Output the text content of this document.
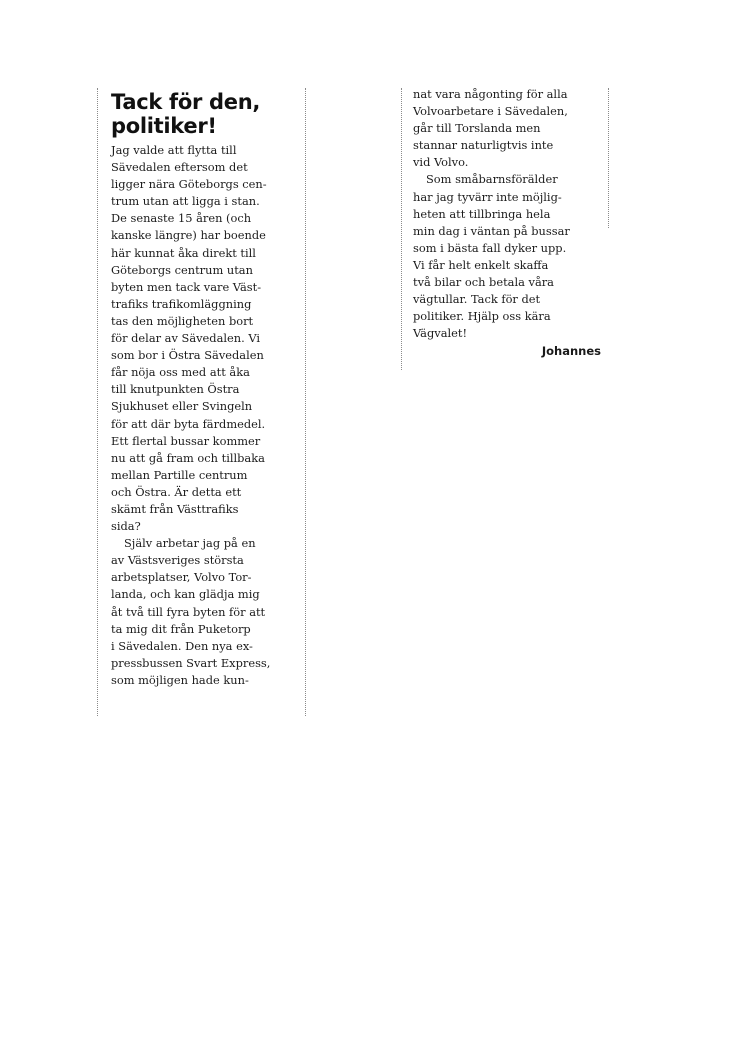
Tack för den,
politiker!
Jag valde att flytta till
Sävedalen eftersom det
ligger nära Göteborgs cen-
trum utan att ligga i stan.
De senaste 15 åren (och
kanske längre) har boende
här kunnat åka direkt till
Göteborgs centrum utan
byten men tack vare Väst-
trafiks trafikomläggning
tas den möjligheten bort
för delar av Sävedalen. Vi
som bor i Östra Sävedalen
får nöja oss med att åka
till knutpunkten Östra
Sjukhuset eller Svingeln
för att där byta färdmedel.
Ett flertal bussar kommer
nu att gå fram och tillbaka
mellan Partille centrum
och Östra. Är detta ett
skämt från Västtrafiks
sida?
Själv arbetar jag på en
av Västsveriges största
arbetsplatser, Volvo Tor-
landa, och kan glädja mig
åt två till fyra byten för att
ta mig dit från Puketorp
i Sävedalen. Den nya ex-
pressbussen Svart Express,
som möjligen hade kun-
nat vara någonting för alla
Volvoarbetare i Sävedalen,
går till Torslanda men
stannar naturligtvis inte
vid Volvo.
Som småbarnsförälder
har jag tyvärr inte möjlig-
heten att tillbringa hela
min dag i väntan på bussar
som i bästa fall dyker upp.
Vi får helt enkelt skaffa
två bilar och betala våra
vägtullar. Tack för det
politiker. Hjälp oss kära
Vägvalet!
Johannes
